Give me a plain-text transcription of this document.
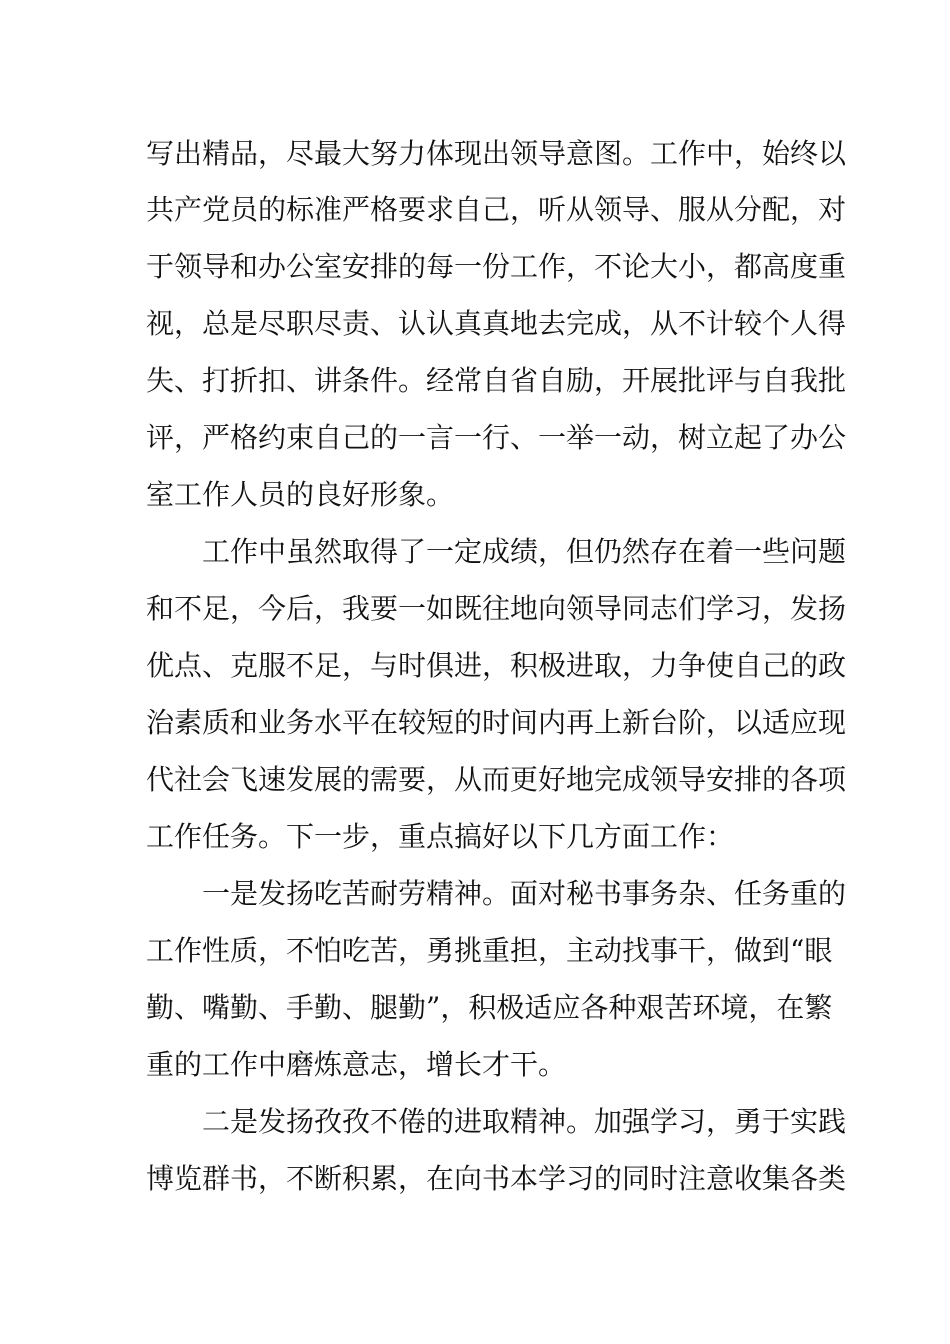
写出精品，尽最大努力体现出领导意图。工作中，始终以
共产党员的标准严格要求自己，听从领导、服从分配，对
于领导和办公室安排的每一份工作，不论大小，都高度重
视，总是尽职尽责、认认真真地去完成，从不计较个人得
失、打折扣、讲条件。经常自省自励，开展批评与自我批
评，严格约束自己的一言一行、一举一动，树立起了办公
室工作人员的良好形象。
工作中虽然取得了一定成绩，但仍然存在着一些问题
和不足，今后，我要一如既往地向领导同志们学习，发扬
优点、克服不足，与时俱进，积极进取，力争使自己的政
治素质和业务水平在较短的时间内再上新台阶，以适应现
代社会飞速发展的需要，从而更好地完成领导安排的各项
工作任务。下一步，重点搞好以下几方面工作：
一是发扬吃苦耐劳精神。面对秘书事务杂、任务重的
工作性质，不怕吃苦，勇挑重担，主动找事干，做到“眼
勤、嘴勤、手勤、腿勤”，积极适应各种艰苦环境，在繁
重的工作中磨炼意志，增长才干。
二是发扬孜孜不倦的进取精神。加强学习，勇于实践
博览群书，不断积累，在向书本学习的同时注意收集各类
